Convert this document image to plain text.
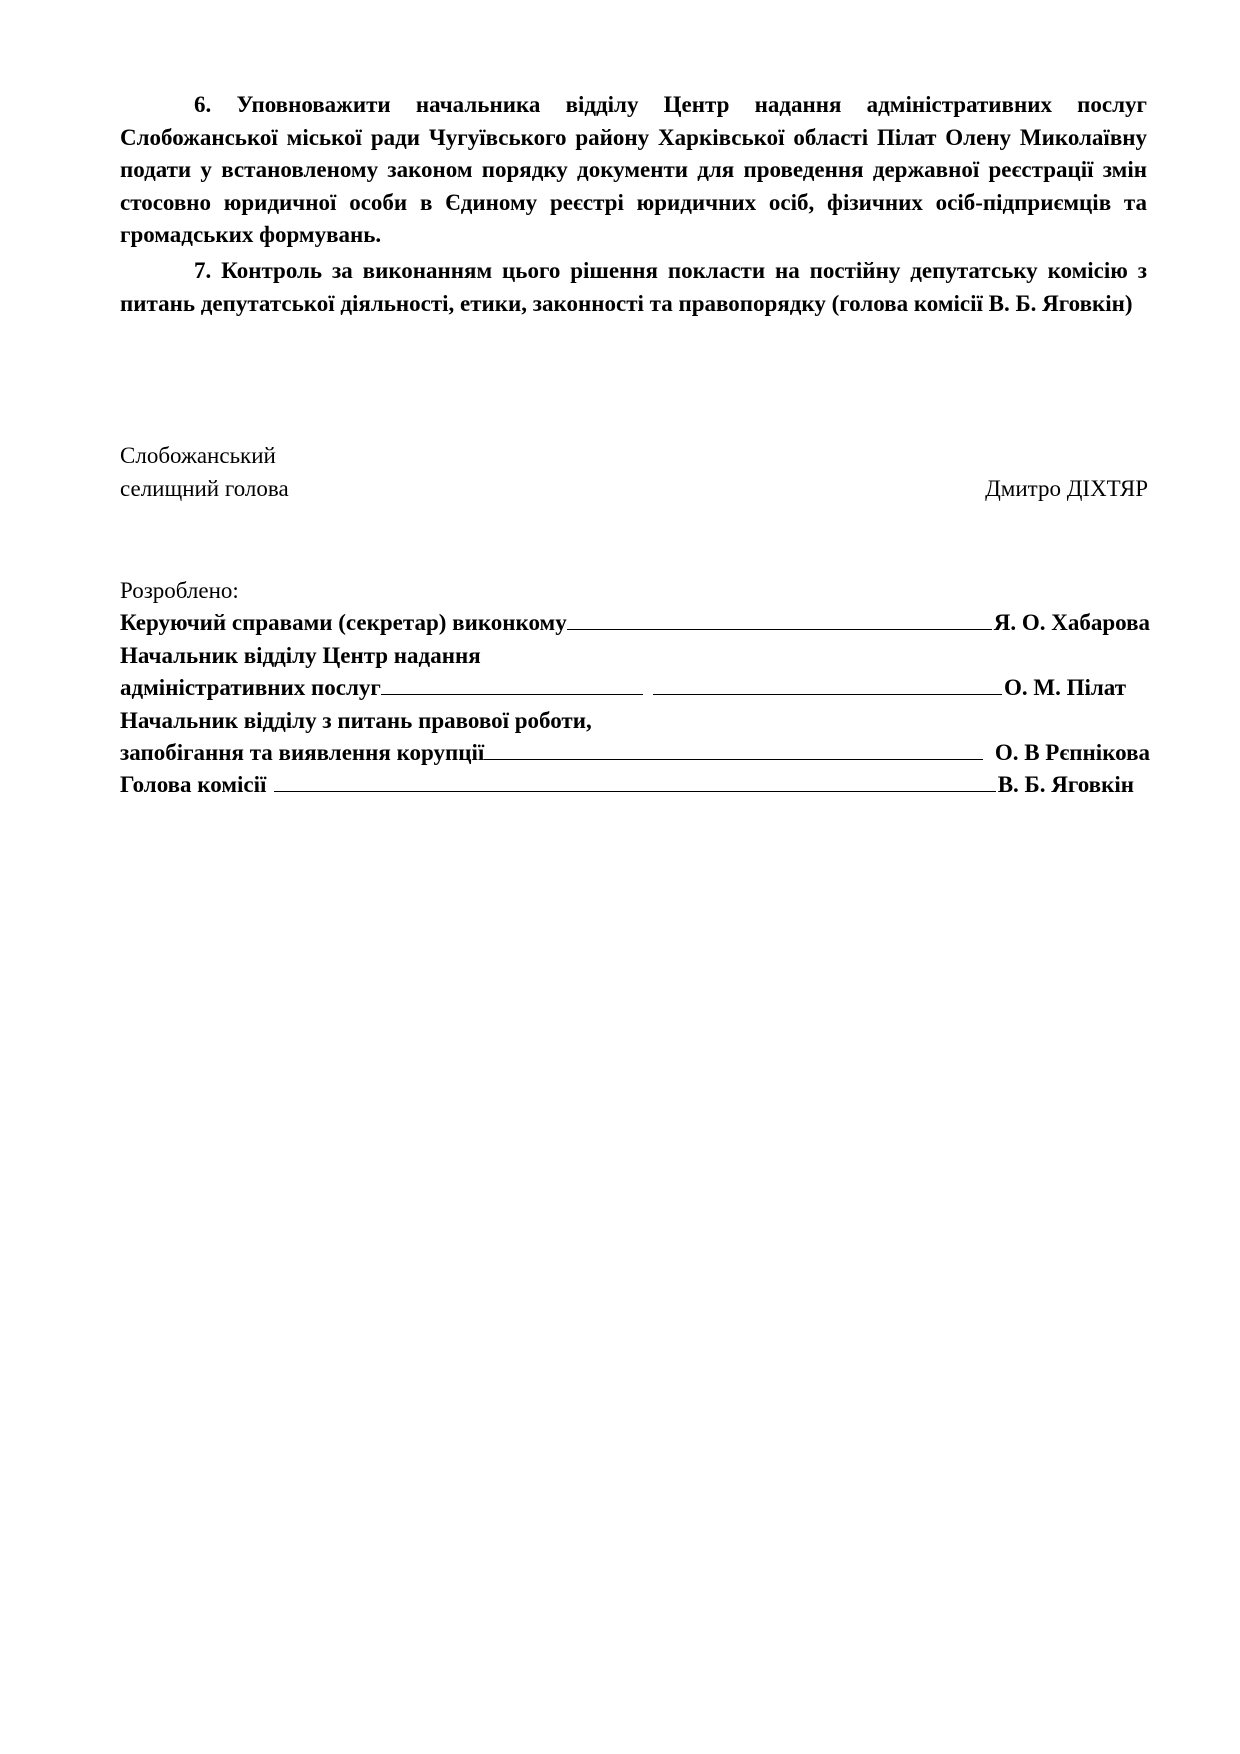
6. Уповноважити начальника відділу Центр надання адміністративних послуг Слобожанської міської ради Чугуївського району Харківської області Пілат Олену Миколаївну подати у встановленому законом порядку документи для проведення державної реєстрації змін стосовно юридичної особи в Єдиному реєстрі юридичних осіб, фізичних осіб-підприємців та громадських формувань.
7. Контроль за виконанням цього рішення покласти на постійну депутатську комісію з питань депутатської діяльності, етики, законності та правопорядку (голова комісії В. Б. Яговкін)
Слобожанський
селищний голова	Дмитро ДІХТЯР
Розроблено:
Керуючий справами (секретар) виконкому	Я. О. Хабарова
Начальник відділу Центр надання
адміністративних послуг	О. М. Пілат
Начальник відділу з питань правової роботи,
запобігання та виявлення корупції	О. В Рєпнікова
Голова комісії	В. Б. Яговкін
